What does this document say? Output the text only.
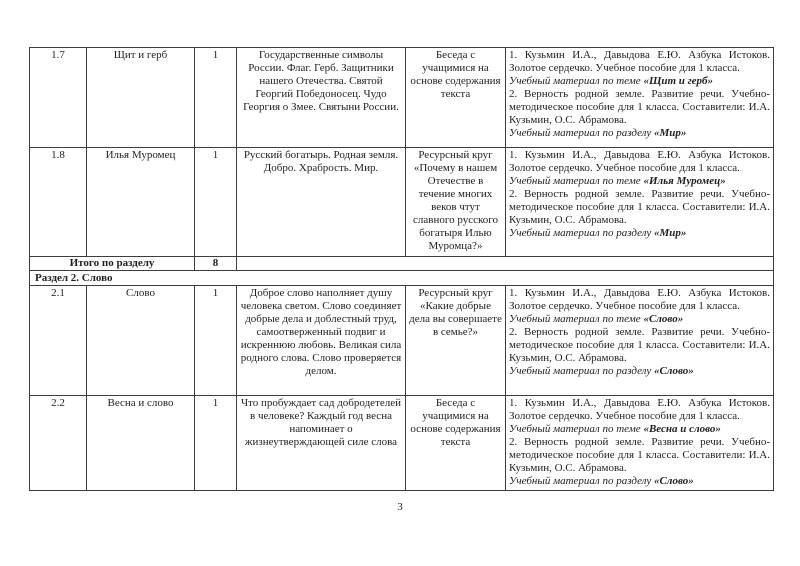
1.7	Щит и герб	1	Государственные символы России. Флаг. Герб. Защитники нашего Отечества. Святой Георгий Победоносец. Чудо Георгия о Змее. Святыни России.	Беседа с учащимися на основе содержания текста	1. Кузьмин И.А., Давыдова Е.Ю. Азбука Истоков. Золотое сердечко. Учебное пособие для 1 класса.
Учебный материал по теме «Щит и герб»
2. Верность родной земле. Развитие речи. Учебно-методическое пособие для 1 класса. Составители: И.А. Кузьмин, О.С. Абрамова.
Учебный материал по разделу «Мир»

1.8	Илья Муромец	1	Русский богатырь. Родная земля. Добро. Храбрость. Мир.	Ресурсный круг «Почему в нашем Отечестве в течение многих веков чтут славного русского богатыря Илью Муромца?»	1. Кузьмин И.А., Давыдова Е.Ю. Азбука Истоков. Золотое сердечко. Учебное пособие для 1 класса.
Учебный материал по теме «Илья Муромец»
2. Верность родной земле. Развитие речи. Учебно-методическое пособие для 1 класса. Составители: И.А. Кузьмин, О.С. Абрамова.
Учебный материал по разделу «Мир»

Итого по разделу		8			
Раздел 2. Слово					
2.1	Слово	1	Доброе слово наполняет душу человека светом. Слово соединяет добрые дела и доблестный труд, самоотверженный подвиг и искреннюю любовь. Великая сила родного слова. Слово проверяется делом.	Ресурсный круг «Какие добрые дела вы совершаете в семье?»	1. Кузьмин И.А., Давыдова Е.Ю. Азбука Истоков. Золотое сердечко. Учебное пособие для 1 класса.
Учебный материал по теме «Слово»
2. Верность родной земле. Развитие речи. Учебно-методическое пособие для 1 класса. Составители: И.А. Кузьмин, О.С. Абрамова.
Учебный материал по разделу «Слово»

2.2	Весна и слово	1	Что пробуждает сад добродетелей в человеке? Каждый год весна напоминает о жизнеутверждающей силе слова	Беседа с учащимися на основе содержания текста	1. Кузьмин И.А., Давыдова Е.Ю. Азбука Истоков. Золотое сердечко. Учебное пособие для 1 класса.
Учебный материал по теме «Весна и слово»
2. Верность родной земле. Развитие речи. Учебно-методическое пособие для 1 класса. Составители: И.А. Кузьмин, О.С. Абрамова.
Учебный материал по разделу «Слово»
3
